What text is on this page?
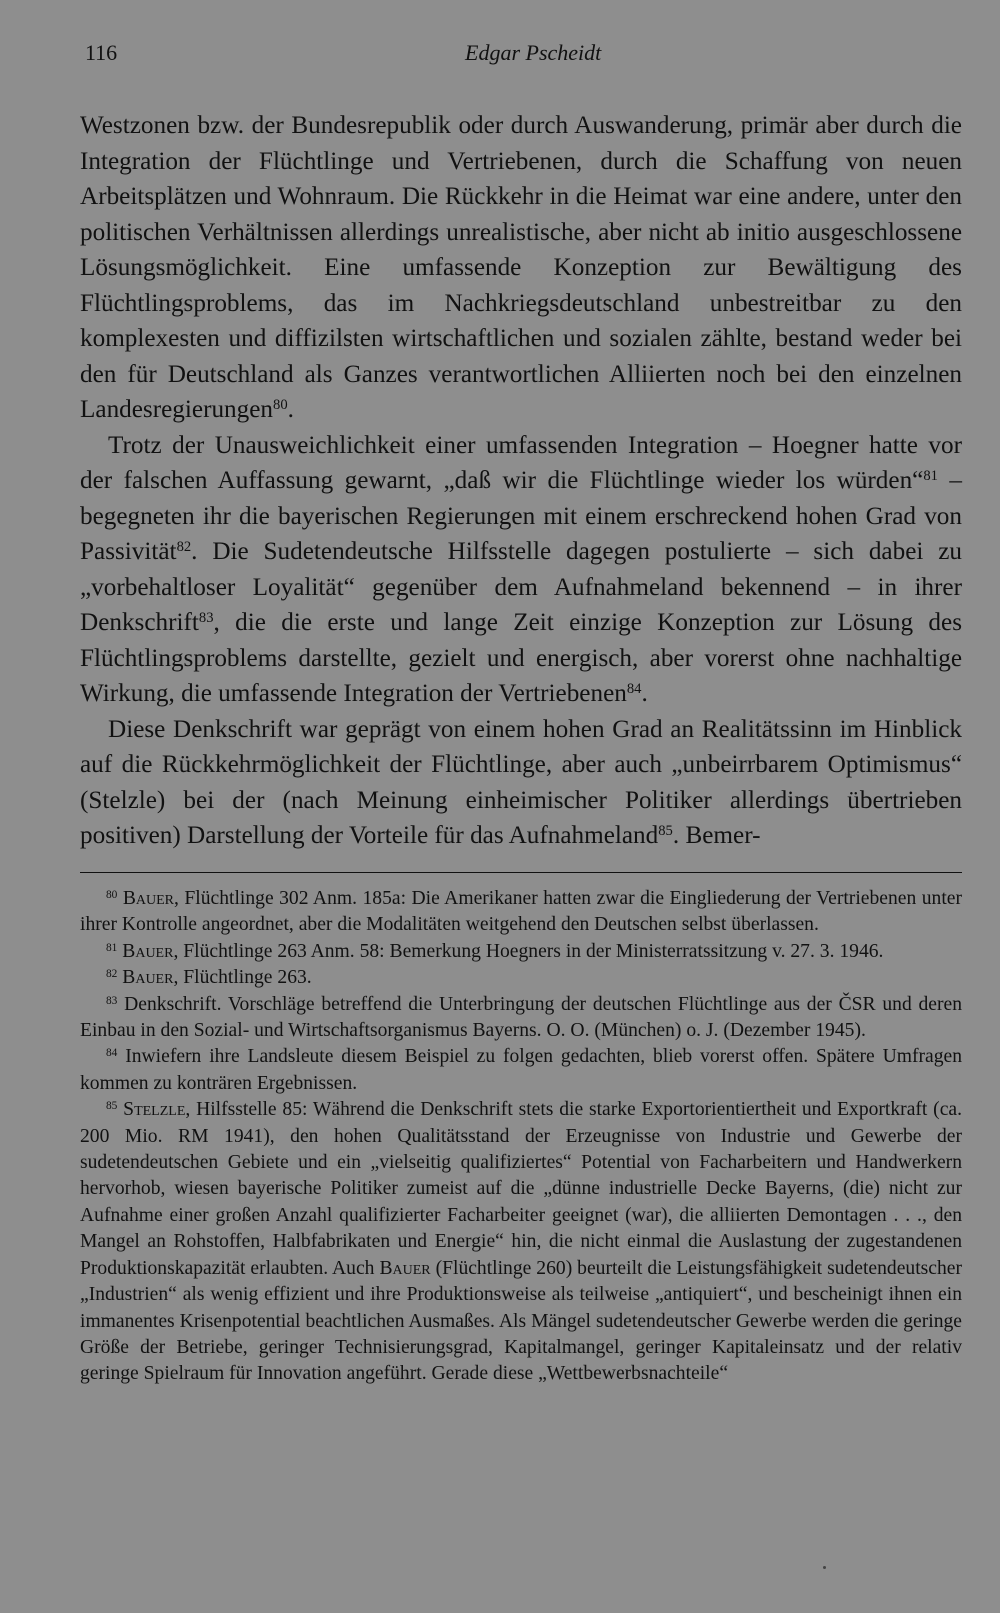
116	Edgar Pscheidt

Westzonen bzw. der Bundesrepublik oder durch Auswanderung, primär aber durch die Integration der Flüchtlinge und Vertriebenen, durch die Schaffung von neuen Arbeitsplätzen und Wohnraum. Die Rückkehr in die Heimat war eine andere, unter den politischen Verhältnissen allerdings unrealistische, aber nicht ab initio ausgeschlossene Lösungsmöglichkeit. Eine umfassende Konzeption zur Bewältigung des Flüchtlingsproblems, das im Nachkriegsdeutschland unbestreitbar zu den komplexesten und diffizilsten wirtschaftlichen und sozialen zählte, bestand weder bei den für Deutschland als Ganzes verantwortlichen Alliierten noch bei den einzelnen Landesregierungen$^{80}$.

Trotz der Unausweichlichkeit einer umfassenden Integration – Hoegner hatte vor der falschen Auffassung gewarnt, „daß wir die Flüchtlinge wieder los würden“$^{81}$ – begegneten ihr die bayerischen Regierungen mit einem erschreckend hohen Grad von Passivität$^{82}$. Die Sudetendeutsche Hilfsstelle dagegen postulierte – sich dabei zu „vorbehaltloser Loyalität“ gegenüber dem Aufnahmeland bekennend – in ihrer Denkschrift$^{83}$, die die erste und lange Zeit einzige Konzeption zur Lösung des Flüchtlingsproblems darstellte, gezielt und energisch, aber vorerst ohne nachhaltige Wirkung, die umfassende Integration der Vertriebenen$^{84}$.

Diese Denkschrift war geprägt von einem hohen Grad an Realitätssinn im Hinblick auf die Rückkehrmöglichkeit der Flüchtlinge, aber auch „unbeirrbarem Optimismus“ (Stelzle) bei der (nach Meinung einheimischer Politiker allerdings übertrieben positiven) Darstellung der Vorteile für das Aufnahmeland$^{85}$. Bemer-

$^{80}$ Bauer, Flüchtlinge 302 Anm. 185a: Die Amerikaner hatten zwar die Eingliederung der Vertriebenen unter ihrer Kontrolle angeordnet, aber die Modalitäten weitgehend den Deutschen selbst überlassen.

$^{81}$ Bauer, Flüchtlinge 263 Anm. 58: Bemerkung Hoegners in der Ministerratssitzung v. 27. 3. 1946.

$^{82}$ Bauer, Flüchtlinge 263.

$^{83}$ Denkschrift. Vorschläge betreffend die Unterbringung der deutschen Flüchtlinge aus der ČSR und deren Einbau in den Sozial- und Wirtschaftsorganismus Bayerns. O. O. (München) o. J. (Dezember 1945).

$^{84}$ Inwiefern ihre Landsleute diesem Beispiel zu folgen gedachten, blieb vorerst offen. Spätere Umfragen kommen zu konträren Ergebnissen.

$^{85}$ Stelzle, Hilfsstelle 85: Während die Denkschrift stets die starke Exportorientiertheit und Exportkraft (ca. 200 Mio. RM 1941), den hohen Qualitätsstand der Erzeugnisse von Industrie und Gewerbe der sudetendeutschen Gebiete und ein „vielseitig qualifiziertes“ Potential von Facharbeitern und Handwerkern hervorhob, wiesen bayerische Politiker zumeist auf die „dünne industrielle Decke Bayerns, (die) nicht zur Aufnahme einer großen Anzahl qualifizierter Facharbeiter geeignet (war), die alliierten Demontagen . . ., den Mangel an Rohstoffen, Halbfabrikaten und Energie“ hin, die nicht einmal die Auslastung der zugestandenen Produktionskapazität erlaubten. Auch Bauer (Flüchtlinge 260) beurteilt die Leistungsfähigkeit sudetendeutscher „Industrien“ als wenig effizient und ihre Produktionsweise als teilweise „antiquiert“, und bescheinigt ihnen ein immanentes Krisenpotential beachtlichen Ausmaßes. Als Mängel sudetendeutscher Gewerbe werden die geringe Größe der Betriebe, geringer Technisierungsgrad, Kapitalmangel, geringer Kapitaleinsatz und der relativ geringe Spielraum für Innovation angeführt. Gerade diese „Wettbewerbsnachteile“
